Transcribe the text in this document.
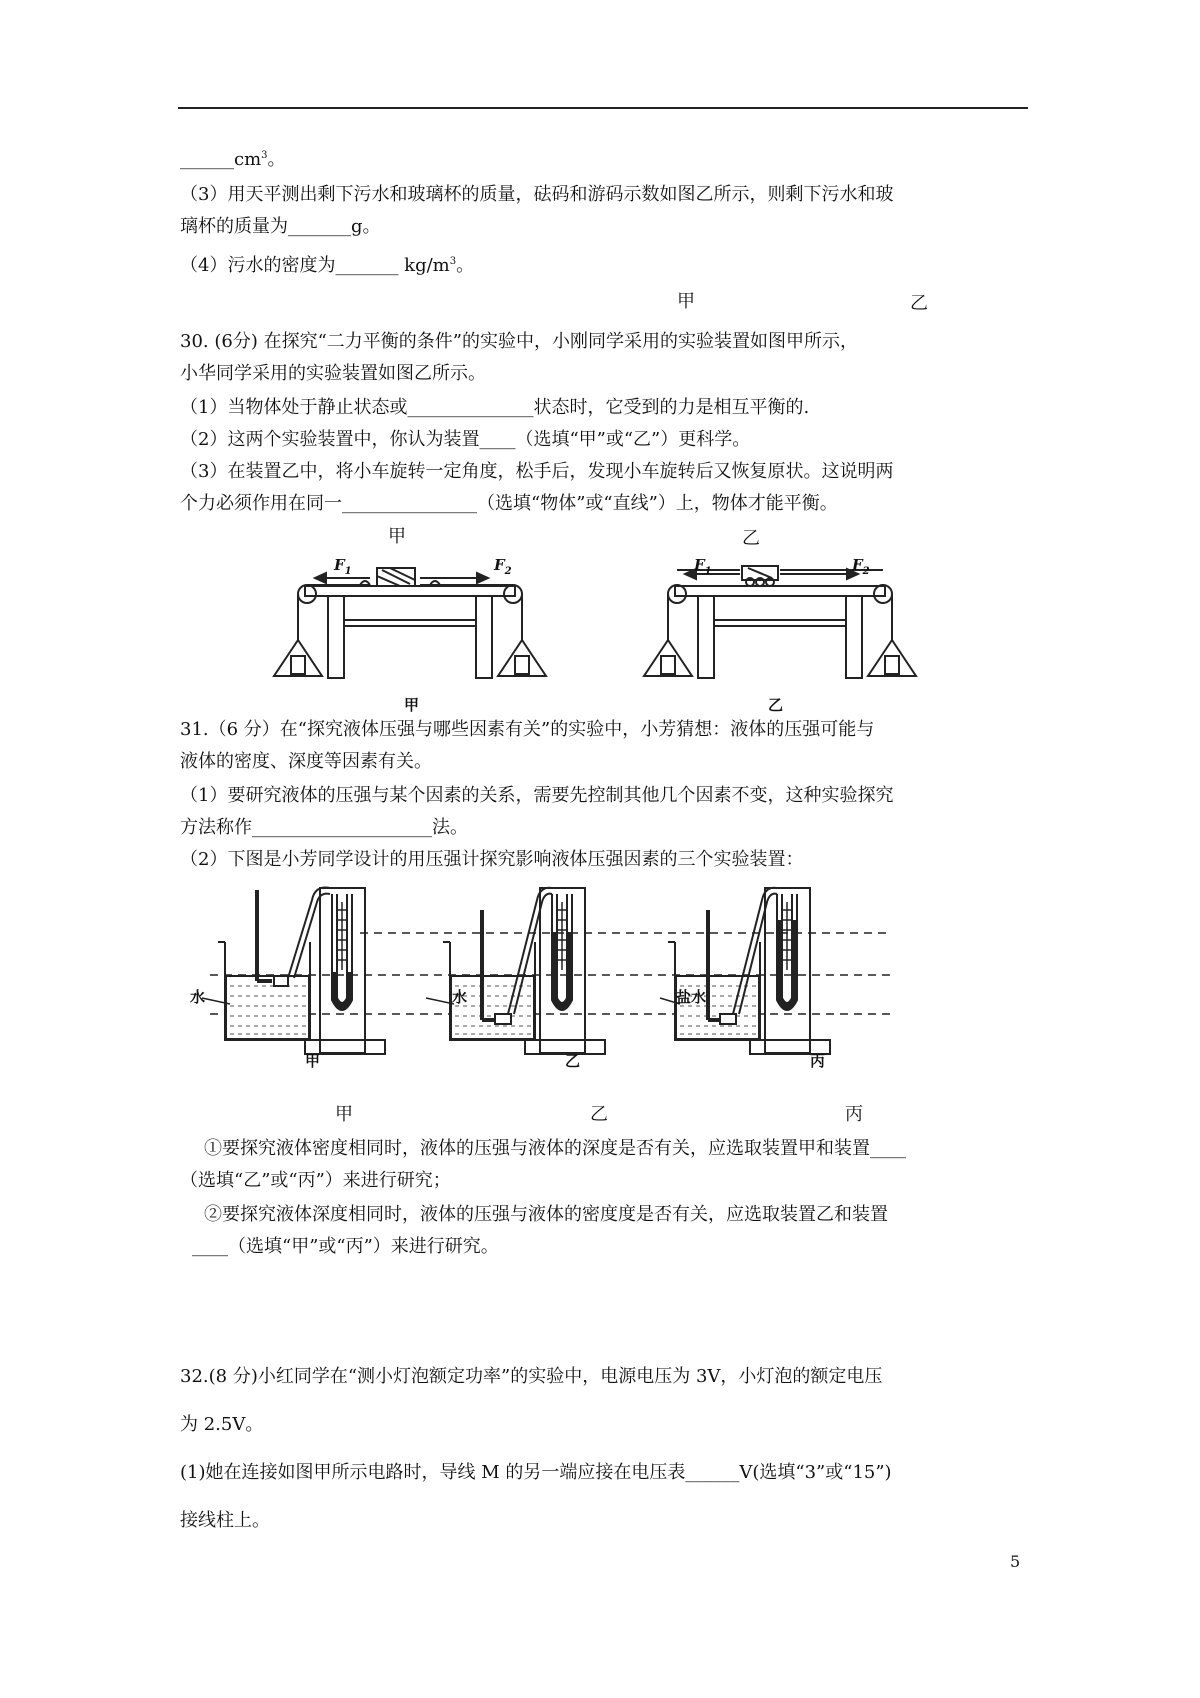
$\_\_\_\_\_\_cm^3$。
（3）用天平测出剩下污水和玻璃杯的质量，砝码和游码示数如图乙所示，则剩下污水和玻
璃杯的质量为_______g。
（4）污水的密度为_______ $kg/m^3$。
甲	乙
30. (6分) 在探究“二力平衡的条件”的实验中，小刚同学采用的实验装置如图甲所示，
小华同学采用的实验装置如图乙所示。
（1）当物体处于静止状态或______________状态时，它受到的力是相互平衡的.
（2）这两个实验装置中，你认为装置____（选填“甲”或“乙”）更科学。
（3）在装置乙中，将小车旋转一定角度，松手后，发现小车旋转后又恢复原状。这说明两
个力必须作用在同一_______________（选填“物体”或“直线”）上，物体才能平衡。
甲	乙
$F_1$	$F_2$	$F_1$	$F_2$
甲	乙
31.（6 分）在“探究液体压强与哪些因素有关”的实验中，小芳猜想：液体的压强可能与
液体的密度、深度等因素有关。
（1）要研究液体的压强与某个因素的关系，需要先控制其他几个因素不变，这种实验探究
方法称作____________________法。
（2）下图是小芳同学设计的用压强计探究影响液体压强因素的三个实验装置：
水	水	盐水
甲	乙	丙
甲	乙	丙
①要探究液体密度相同时，液体的压强与液体的深度是否有关，应选取装置甲和装置____
（选填“乙”或“丙”）来进行研究；
②要探究液体深度相同时，液体的压强与液体的密度度是否有关，应选取装置乙和装置
____（选填“甲”或“丙”）来进行研究。
32.(8 分)小红同学在“测小灯泡额定功率”的实验中，电源电压为 3V，小灯泡的额定电压
为 2.5V。
(1)她在连接如图甲所示电路时，导线 M 的另一端应接在电压表______V(选填“3”或“15”)
接线柱上。
5
